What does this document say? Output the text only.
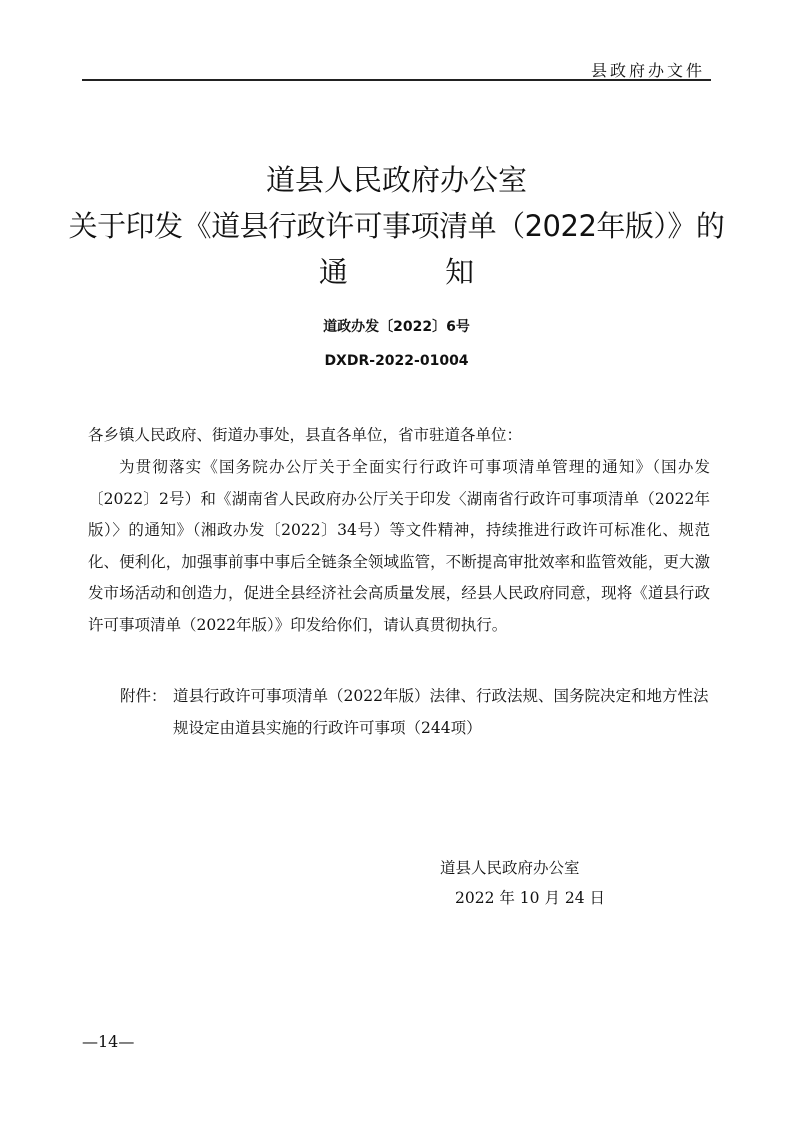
县政府办文件
道县人民政府办公室
关于印发《道县行政许可事项清单（2022年版）》的
通 知
道政办发〔2022〕6号
DXDR-2022-01004
各乡镇人民政府、街道办事处，县直各单位，省市驻道各单位：
为贯彻落实《国务院办公厅关于全面实行行政许可事项清单管理的通知》（国办发〔2022〕2号）和《湖南省人民政府办公厅关于印发〈湖南省行政许可事项清单（2022年版）〉的通知》（湘政办发〔2022〕34号）等文件精神，持续推进行政许可标准化、规范化、便利化，加强事前事中事后全链条全领域监管，不断提高审批效率和监管效能，更大激发市场活动和创造力，促进全县经济社会高质量发展，经县人民政府同意，现将《道县行政许可事项清单（2022年版）》印发给你们，请认真贯彻执行。
附件： 道县行政许可事项清单（2022年版）法律、行政法规、国务院决定和地方性法规设定由道县实施的行政许可事项（244项）
道县人民政府办公室
2022 年 10 月 24 日
—14—
